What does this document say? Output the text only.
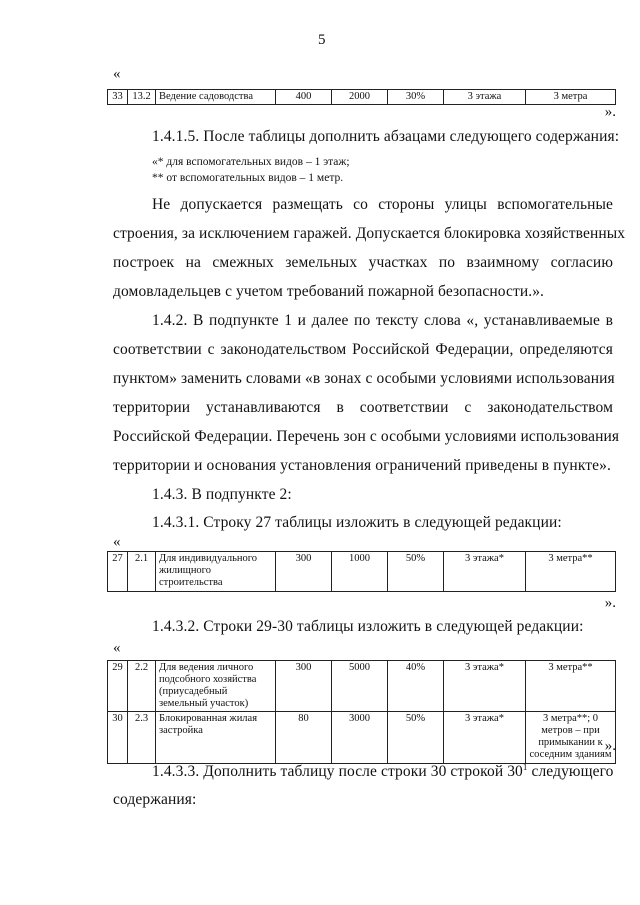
5
«
33	13.2	Ведение садоводства	400	2000	30%	3 этажа	3 метра
».
1.4.1.5. После таблицы дополнить абзацами следующего содержания:
«* для вспомогательных видов – 1 этаж;
** от вспомогательных видов – 1 метр.
Не допускается размещать со стороны улицы вспомогательные
строения, за исключением гаражей. Допускается блокировка хозяйственных
построек на смежных земельных участках по взаимному согласию
домовладельцев с учетом требований пожарной безопасности.».
1.4.2. В подпункте 1 и далее по тексту слова «, устанавливаемые в
соответствии с законодательством Российской Федерации, определяются
пунктом» заменить словами «в зонах с особыми условиями использования
территории устанавливаются в соответствии с законодательством
Российской Федерации. Перечень зон с особыми условиями использования
территории и основания установления ограничений приведены в пункте».
1.4.3. В подпункте 2:
1.4.3.1. Строку 27 таблицы изложить в следующей редакции:
«
27	2.1	Для индивидуального жилищного строительства	300	1000	50%	3 этажа*	3 метра**
».
1.4.3.2. Строки 29-30 таблицы изложить в следующей редакции:
«
29	2.2	Для ведения личного подсобного хозяйства (приусадебный земельный участок)	300	5000	40%	3 этажа*	3 метра**
30	2.3	Блокированная жилая застройка	80	3000	50%	3 этажа*	3 метра**; 0 метров – при примыкании к соседним зданиям
».
1.4.3.3. Дополнить таблицу после строки 30 строкой $30^1$ следующего
содержания:
